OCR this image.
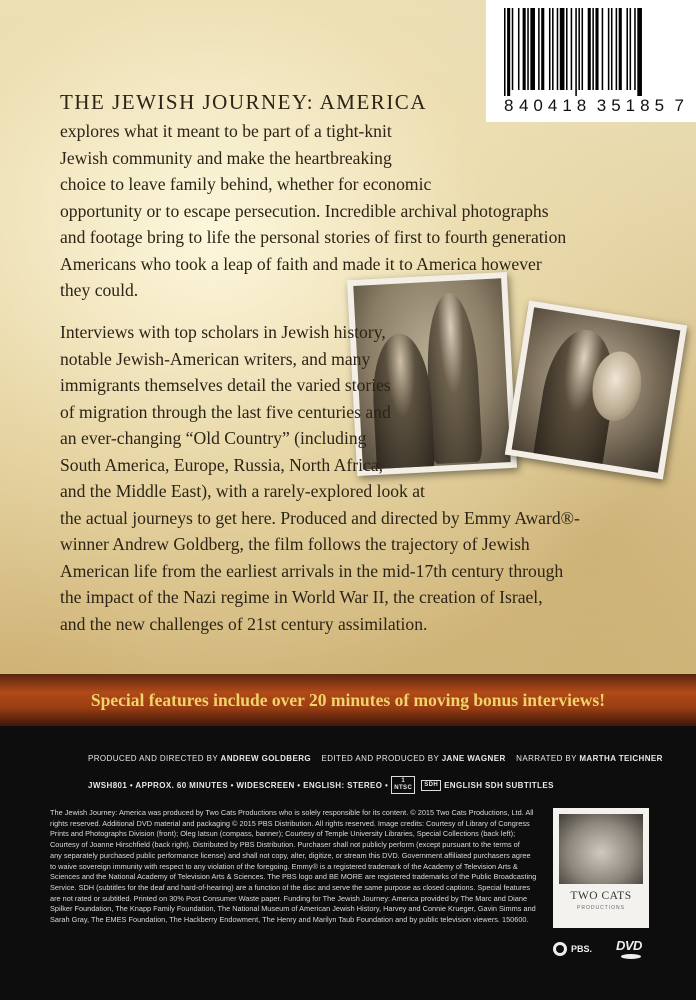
8 40418 35185 7
THE JEWISH JOURNEY: AMERICA
explores what it meant to be part of a tight-knit
Jewish community and make the heartbreaking
choice to leave family behind, whether for economic
opportunity or to escape persecution. Incredible archival photographs
and footage bring to life the personal stories of first to fourth generation
Americans who took a leap of faith and made it to America however
they could.
Interviews with top scholars in Jewish history,
notable Jewish-American writers, and many
immigrants themselves detail the varied stories
of migration through the last five centuries and
an ever-changing “Old Country” (including
South America, Europe, Russia, North Africa,
and the Middle East), with a rarely-explored look at
the actual journeys to get here. Produced and directed by Emmy Award®-
winner Andrew Goldberg, the film follows the trajectory of Jewish
American life from the earliest arrivals in the mid-17th century through
the impact of the Nazi regime in World War II, the creation of Israel,
and the new challenges of 21st century assimilation.
Special features include over 20 minutes of moving bonus interviews!
PRODUCED AND DIRECTED BY ANDREW GOLDBERG EDITED AND PRODUCED BY JANE WAGNER NARRATED BY MARTHA TEICHNER
JWSH801 • APPROX. 60 MINUTES • WIDESCREEN • ENGLISH: STEREO •	1
NTSC
SDH ENGLISH SDH SUBTITLES
The Jewish Journey: America was produced by Two Cats Productions who is solely responsible for its content. © 2015 Two Cats Productions, Ltd. All
rights reserved. Additional DVD material and packaging © 2015 PBS Distribution. All rights reserved. Image credits: Courtesy of Library of Congress
Prints and Photographs Division (front); Oleg Iatsun (compass, banner); Courtesy of Temple University Libraries, Special Collections (back left);
Courtesy of Joanne Hirschfield (back right). Distributed by PBS Distribution. Purchaser shall not publicly perform (except pursuant to the terms of
any separately purchased public performance license) and shall not copy, alter, digitize, or stream this DVD. Government affiliated purchasers agree
to waive sovereign immunity with respect to any violation of the foregoing. Emmy® is a registered trademark of the Academy of Television Arts &
Sciences and the National Academy of Television Arts & Sciences. The PBS logo and BE MORE are registered trademarks of the Public Broadcasting
Service. SDH (subtitles for the deaf and hard-of-hearing) are a function of the disc and serve the same purpose as closed captions. Special features
are not rated or subtitled. Printed on 30% Post Consumer Waste paper. Funding for The Jewish Journey: America provided by The Marc and Diane
Spilker Foundation, The Knapp Family Foundation, The National Museum of American Jewish History, Harvey and Connie Krueger, Gavin Simms and
Sarah Gray, The EMES Foundation, The Hackberry Endowment, The Henry and Marilyn Taub Foundation and by public television viewers. 150600.
TWO CATS
PRODUCTIONS
PBS. DVD
